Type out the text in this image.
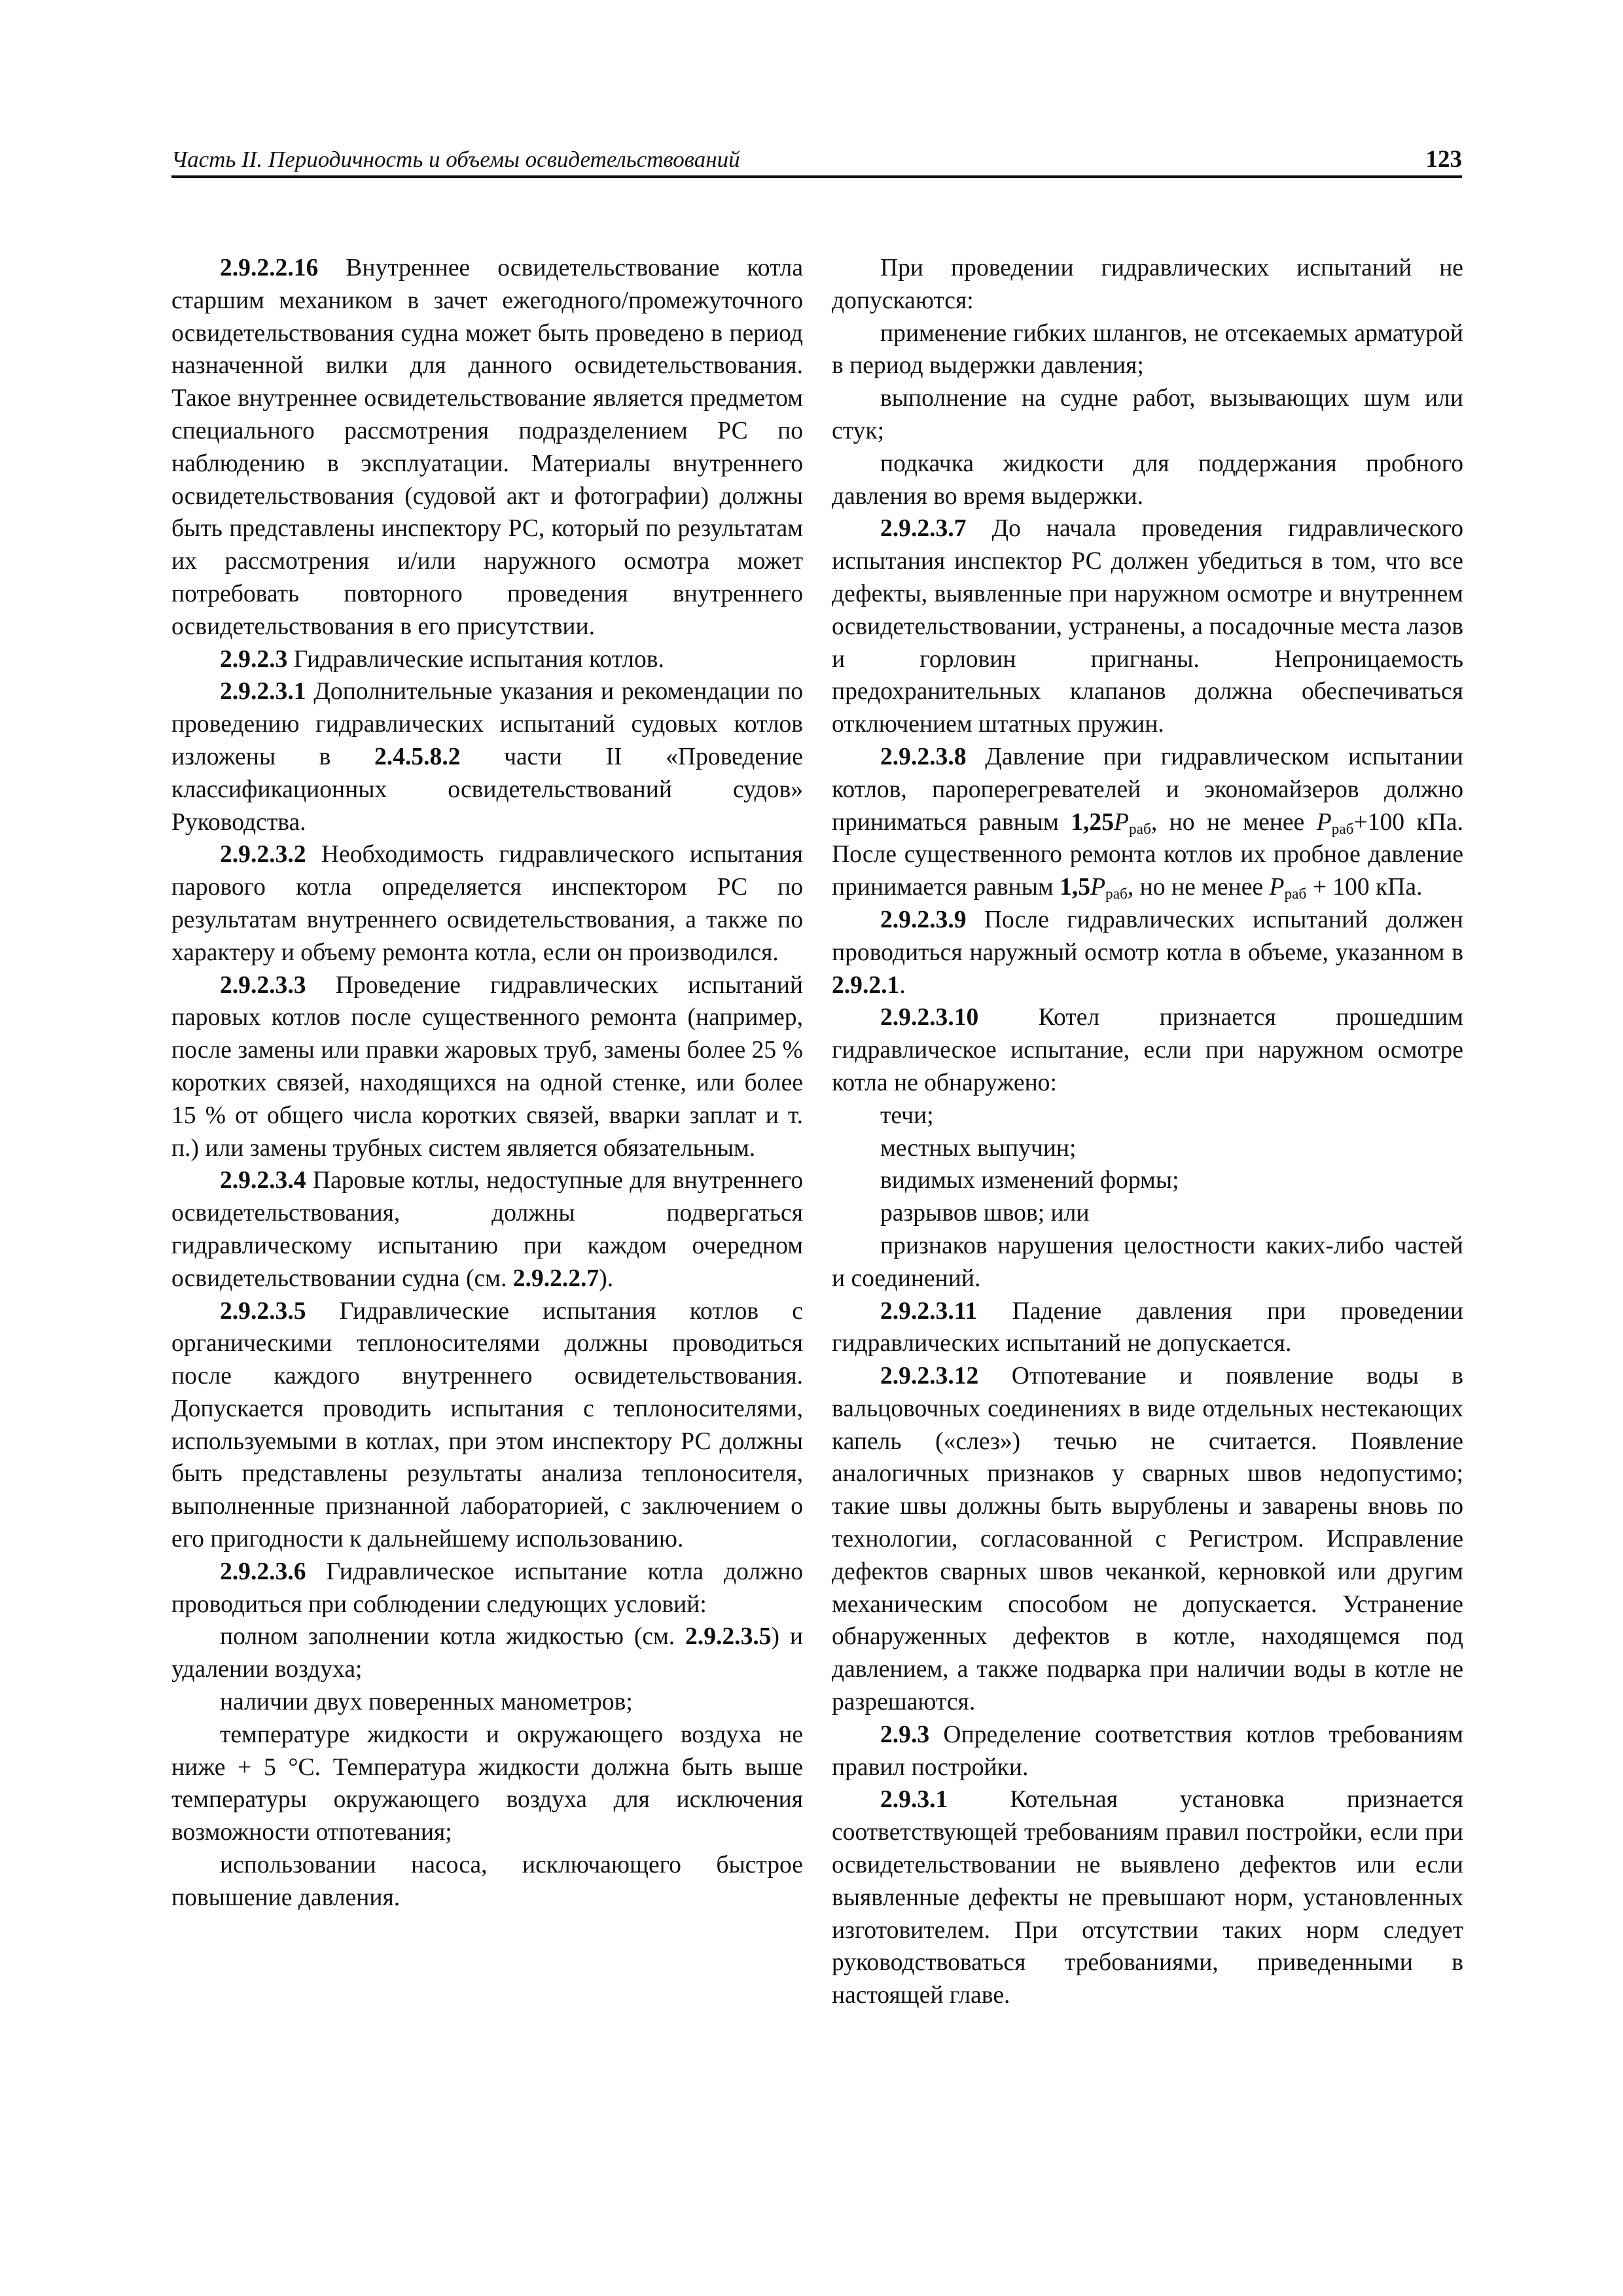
Часть II. Периодичность и объемы освидетельствований	123

2.9.2.2.16 Внутреннее освидетельствование котла старшим механиком в зачет ежегодного/промежуточного освидетельствования судна может быть проведено в период назначенной вилки для данного освидетельствования. Такое внутреннее освидетельствование является предметом специального рассмотрения подразделением РС по наблюдению в эксплуатации. Материалы внутреннего освидетельствования (судовой акт и фотографии) должны быть представлены инспектору РС, который по результатам их рассмотрения и/или наружного осмотра может потребовать повторного проведения внутреннего освидетельствования в его присутствии.

2.9.2.3 Гидравлические испытания котлов.

2.9.2.3.1 Дополнительные указания и рекомендации по проведению гидравлических испытаний судовых котлов изложены в 2.4.5.8.2 части II «Проведение классификационных освидетельствований судов» Руководства.

2.9.2.3.2 Необходимость гидравлического испытания парового котла определяется инспектором РС по результатам внутреннего освидетельствования, а также по характеру и объему ремонта котла, если он производился.

2.9.2.3.3 Проведение гидравлических испытаний паровых котлов после существенного ремонта (например, после замены или правки жаровых труб, замены более 25 % коротких связей, находящихся на одной стенке, или более 15 % от общего числа коротких связей, вварки заплат и т. п.) или замены трубных систем является обязательным.

2.9.2.3.4 Паровые котлы, недоступные для внутреннего освидетельствования, должны подвергаться гидравлическому испытанию при каждом очередном освидетельствовании судна (см. 2.9.2.2.7).

2.9.2.3.5 Гидравлические испытания котлов с органическими теплоносителями должны проводиться после каждого внутреннего освидетельствования. Допускается проводить испытания с теплоносителями, используемыми в котлах, при этом инспектору РС должны быть представлены результаты анализа теплоносителя, выполненные признанной лабораторией, с заключением о его пригодности к дальнейшему использованию.

2.9.2.3.6 Гидравлическое испытание котла должно проводиться при соблюдении следующих условий:

полном заполнении котла жидкостью (см. 2.9.2.3.5) и удалении воздуха;

наличии двух поверенных манометров;

температуре жидкости и окружающего воздуха не ниже + 5 °С. Температура жидкости должна быть выше температуры окружающего воздуха для исключения возможности отпотевания;

использовании насоса, исключающего быстрое повышение давления.

При проведении гидравлических испытаний не допускаются:

применение гибких шлангов, не отсекаемых арматурой в период выдержки давления;

выполнение на судне работ, вызывающих шум или стук;

подкачка жидкости для поддержания пробного давления во время выдержки.

2.9.2.3.7 До начала проведения гидравлического испытания инспектор РС должен убедиться в том, что все дефекты, выявленные при наружном осмотре и внутреннем освидетельствовании, устранены, а посадочные места лазов и горловин пригнаны. Непроницаемость предохранительных клапанов должна обеспечиваться отключением штатных пружин.

2.9.2.3.8 Давление при гидравлическом испытании котлов, пароперегревателей и экономайзеров должно приниматься равным $1,25P_{раб}$, но не менее $P_{раб}+100$ кПа. После существенного ремонта котлов их пробное давление принимается равным $1,5P_{раб}$, но не менее $P_{раб} + 100$ кПа.

2.9.2.3.9 После гидравлических испытаний должен проводиться наружный осмотр котла в объеме, указанном в 2.9.2.1.

2.9.2.3.10 Котел признается прошедшим гидравлическое испытание, если при наружном осмотре котла не обнаружено:

течи;

местных выпучин;

видимых изменений формы;

разрывов швов; или

признаков нарушения целостности каких-либо частей и соединений.

2.9.2.3.11 Падение давления при проведении гидравлических испытаний не допускается.

2.9.2.3.12 Отпотевание и появление воды в вальцовочных соединениях в виде отдельных нестекающих капель («слез») течью не считается. Появление аналогичных признаков у сварных швов недопустимо; такие швы должны быть вырублены и заварены вновь по технологии, согласованной с Регистром. Исправление дефектов сварных швов чеканкой, керновкой или другим механическим способом не допускается. Устранение обнаруженных дефектов в котле, находящемся под давлением, а также подварка при наличии воды в котле не разрешаются.

2.9.3 Определение соответствия котлов требованиям правил постройки.

2.9.3.1 Котельная установка признается соответствующей требованиям правил постройки, если при освидетельствовании не выявлено дефектов или если выявленные дефекты не превышают норм, установленных изготовителем. При отсутствии таких норм следует руководствоваться требованиями, приведенными в настоящей главе.
